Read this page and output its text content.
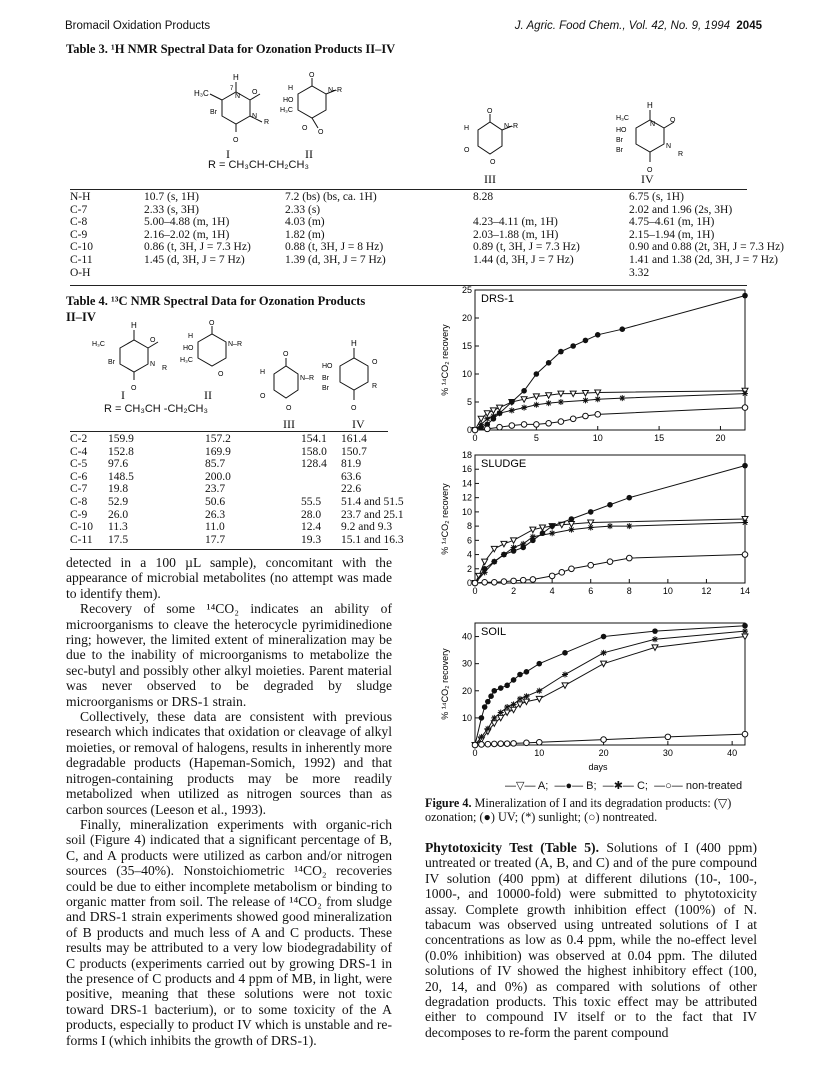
Bromacil Oxidation Products	J. Agric. Food Chem., Vol. 42, No. 9, 1994 2045
Table 3. ¹H NMR Spectral Data for Ozonation Products II–IV
H
7
H₃C	N
O
Br
N
R
O
O
H
HO
N–R
H₃C
O
O
I	II
R = CH₃CH-CH₂CH₃
O
H	N–R
O
O
III
H
H₃C
N
O
HO
Br
Br
N
R
O
IV
N-H	10.7 (s, 1H)	7.2 (bs) (bs, ca. 1H)	8.28	6.75 (s, 1H)
C-7	2.33 (s, 3H)	2.33 (s)		2.02 and 1.96 (2s, 3H)
C-8	5.00–4.88 (m, 1H)	4.03 (m)	4.23–4.11 (m, 1H)	4.75–4.61 (m, 1H)
C-9	2.16–2.02 (m, 1H)	1.82 (m)	2.03–1.88 (m, 1H)	2.15–1.94 (m, 1H)
C-10	0.86 (t, 3H, J = 7.3 Hz)	0.88 (t, 3H, J = 8 Hz)	0.89 (t, 3H, J = 7.3 Hz)	0.90 and 0.88 (2t, 3H, J = 7.3 Hz)
C-11	1.45 (d, 3H, J = 7 Hz)	1.39 (d, 3H, J = 7 Hz)	1.44 (d, 3H, J = 7 Hz)	1.41 and 1.38 (2d, 3H, J = 7 Hz)
O-H				3.32
Table 4. ¹³C NMR Spectral Data for Ozonation Products
II–IV
H
H₃C
O
Br	N
R
O
O
H
HO
N–R
H₃C
O
O
H
N–R
O
O
H
HO
Br
Br
O
R
O
I	II
III	IV
R = CH₃CH -CH₂CH₃
C-2	159.9	157.2	154.1	161.4
C-4	152.8	169.9	158.0	150.7
C-5	97.6	85.7	128.4	81.9
C-6	148.5	200.0		63.6
C-7	19.8	23.7		22.6
C-8	52.9	50.6	55.5	51.4 and 51.5
C-9	26.0	26.3	28.0	23.7 and 25.1
C-10	11.3	11.0	12.4	9.2 and 9.3
C-11	17.5	17.7	19.3	15.1 and 16.3

detected in a 100 µL sample), concomitant with the appearance of microbial metabolites (no attempt was made to identify them).

Recovery of some ¹⁴CO₂ indicates an ability of microorganisms to cleave the heterocycle pyrimidinedione ring; however, the limited extent of mineralization may be due to the inability of microorganisms to metabolize the sec-butyl and possibly other alkyl moieties. Parent material was never observed to be degraded by sludge microorganisms or DRS-1 strain.

Collectively, these data are consistent with previous research which indicates that oxidation or cleavage of alkyl moieties, or removal of halogens, results in inherently more degradable products (Hapeman-Somich, 1992) and that nitrogen-containing products may be more readily metabolized when utilized as nitrogen sources than as carbon sources (Leeson et al., 1993).

Finally, mineralization experiments with organic-rich soil (Figure 4) indicated that a significant percentage of B, C, and A products were utilized as carbon and/or nitrogen sources (35–40%). Nonstoichiometric ¹⁴CO₂ recoveries could be due to either incomplete metabolism or binding to organic matter from soil. The release of ¹⁴CO₂ from sludge and DRS-1 strain experiments showed good mineralization of B products and much less of A and C products. These results may be attributed to a very low biodegradability of C products (experiments carried out by growing DRS-1 in the presence of C products and 4 ppm of MB, in light, were positive, meaning that these solutions were not toxic toward DRS-1 bacterium), or to some toxicity of the A products, especially to product IV which is unstable and re-forms I (which inhibits the growth of DRS-1).

0	5	10	15	20
0
5
10
15
20
25
DRS-1
% ¹⁴CO₂ recovery
0	2	4	6	8	10	12	14
0
2
4
6
8
10
12
14
16
18
SLUDGE
% ¹⁴CO₂ recovery
0	10	20	30	40
10
20
30
40 SOIL
% ¹⁴CO₂ recovery
days
—▽— A; —●— B; —✱— C; —○— non-treated
Figure 4. Mineralization of I and its degradation products: (▽) ozonation; (●) UV; (*) sunlight; (○) nontreated.

Phytotoxicity Test (Table 5). Solutions of I (400 ppm) untreated or treated (A, B, and C) and of the pure compound IV solution (400 ppm) at different dilutions (10-, 100-, 1000-, and 10000-fold) were submitted to phytotoxicity assay. Complete growth inhibition effect (100%) of N. tabacum was observed using untreated solutions of I at concentrations as low as 0.4 ppm, while the no-effect level (0.0% inhibition) was observed at 0.04 ppm. The diluted solutions of IV showed the highest inhibitory effect (100, 20, 14, and 0%) as compared with solutions of other degradation products. This toxic effect may be attributed either to compound IV itself or to the fact that IV decomposes to re-form the parent compound
